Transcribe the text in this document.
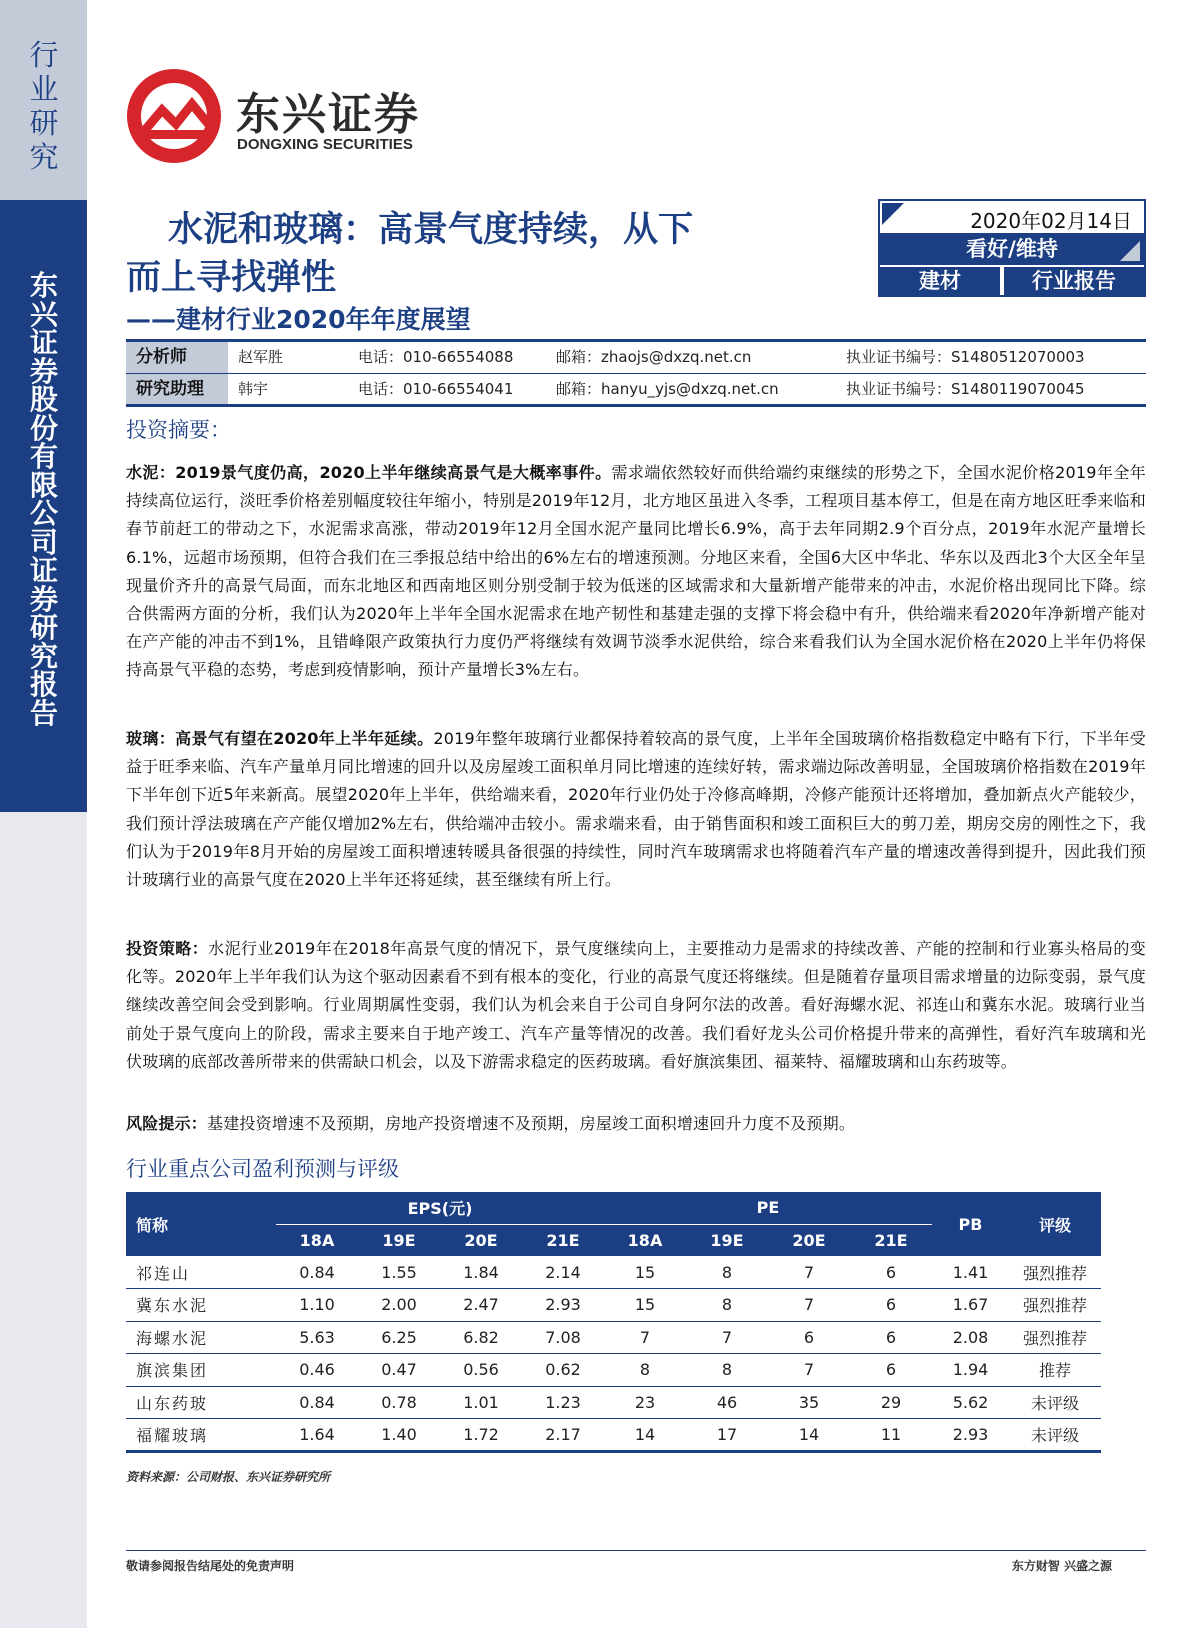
行业研究
东兴证券股份有限公司证券研究报告
东兴证券
DONGXING SECURITIES
水泥和玻璃：高景气度持续，从下
而上寻找弹性
——建材行业2020年年度展望
2020年02月14日
看好/维持
建材	行业报告
分析师	赵军胜	电话：010-66554088	邮箱：zhaojs@dxzq.net.cn	执业证书编号：S1480512070003
研究助理	韩宇	电话：010-66554041	邮箱：hanyu_yjs@dxzq.net.cn	执业证书编号：S1480119070045
投资摘要：
水泥：2019景气度仍高，2020上半年继续高景气是大概率事件。需求端依然较好而供给端约束继续的形势之下，全国水泥价格2019年全年持续高位运行，淡旺季价格差别幅度较往年缩小，特别是2019年12月，北方地区虽进入冬季，工程项目基本停工，但是在南方地区旺季来临和春节前赶工的带动之下，水泥需求高涨，带动2019年12月全国水泥产量同比增长6.9%，高于去年同期2.9个百分点，2019年水泥产量增长6.1%，远超市场预期，但符合我们在三季报总结中给出的6%左右的增速预测。分地区来看，全国6大区中华北、华东以及西北3个大区全年呈现量价齐升的高景气局面，而东北地区和西南地区则分别受制于较为低迷的区域需求和大量新增产能带来的冲击，水泥价格出现同比下降。综合供需两方面的分析，我们认为2020年上半年全国水泥需求在地产韧性和基建走强的支撑下将会稳中有升，供给端来看2020年净新增产能对在产产能的冲击不到1%，且错峰限产政策执行力度仍严将继续有效调节淡季水泥供给，综合来看我们认为全国水泥价格在2020上半年仍将保持高景气平稳的态势，考虑到疫情影响，预计产量增长3%左右。
玻璃：高景气有望在2020年上半年延续。2019年整年玻璃行业都保持着较高的景气度，上半年全国玻璃价格指数稳定中略有下行，下半年受益于旺季来临、汽车产量单月同比增速的回升以及房屋竣工面积单月同比增速的连续好转，需求端边际改善明显，全国玻璃价格指数在2019年下半年创下近5年来新高。展望2020年上半年，供给端来看，2020年行业仍处于冷修高峰期，冷修产能预计还将增加，叠加新点火产能较少，我们预计浮法玻璃在产产能仅增加2%左右，供给端冲击较小。需求端来看，由于销售面积和竣工面积巨大的剪刀差，期房交房的刚性之下，我们认为于2019年8月开始的房屋竣工面积增速转暖具备很强的持续性，同时汽车玻璃需求也将随着汽车产量的增速改善得到提升，因此我们预计玻璃行业的高景气度在2020上半年还将延续，甚至继续有所上行。
投资策略：水泥行业2019年在2018年高景气度的情况下，景气度继续向上，主要推动力是需求的持续改善、产能的控制和行业寡头格局的变化等。2020年上半年我们认为这个驱动因素看不到有根本的变化，行业的高景气度还将继续。但是随着存量项目需求增量的边际变弱，景气度继续改善空间会受到影响。行业周期属性变弱，我们认为机会来自于公司自身阿尔法的改善。看好海螺水泥、祁连山和冀东水泥。玻璃行业当前处于景气度向上的阶段，需求主要来自于地产竣工、汽车产量等情况的改善。我们看好龙头公司价格提升带来的高弹性，看好汽车玻璃和光伏玻璃的底部改善所带来的供需缺口机会，以及下游需求稳定的医药玻璃。看好旗滨集团、福莱特、福耀玻璃和山东药玻等。
风险提示：基建投资增速不及预期，房地产投资增速不及预期，房屋竣工面积增速回升力度不及预期。
行业重点公司盈利预测与评级
简称	EPS(元)				PE				PB	评级
	18A	19E	20E	21E	18A	19E	20E	21E		
祁连山	0.84	1.55	1.84	2.14	15	8	7	6	1.41	强烈推荐
冀东水泥	1.10	2.00	2.47	2.93	15	8	7	6	1.67	强烈推荐
海螺水泥	5.63	6.25	6.82	7.08	7	7	6	6	2.08	强烈推荐
旗滨集团	0.46	0.47	0.56	0.62	8	8	7	6	1.94	推荐
山东药玻	0.84	0.78	1.01	1.23	23	46	35	29	5.62	未评级
福耀玻璃	1.64	1.40	1.72	2.17	14	17	14	11	2.93	未评级
资料来源：公司财报、东兴证券研究所
敬请参阅报告结尾处的免责声明	东方财智 兴盛之源
